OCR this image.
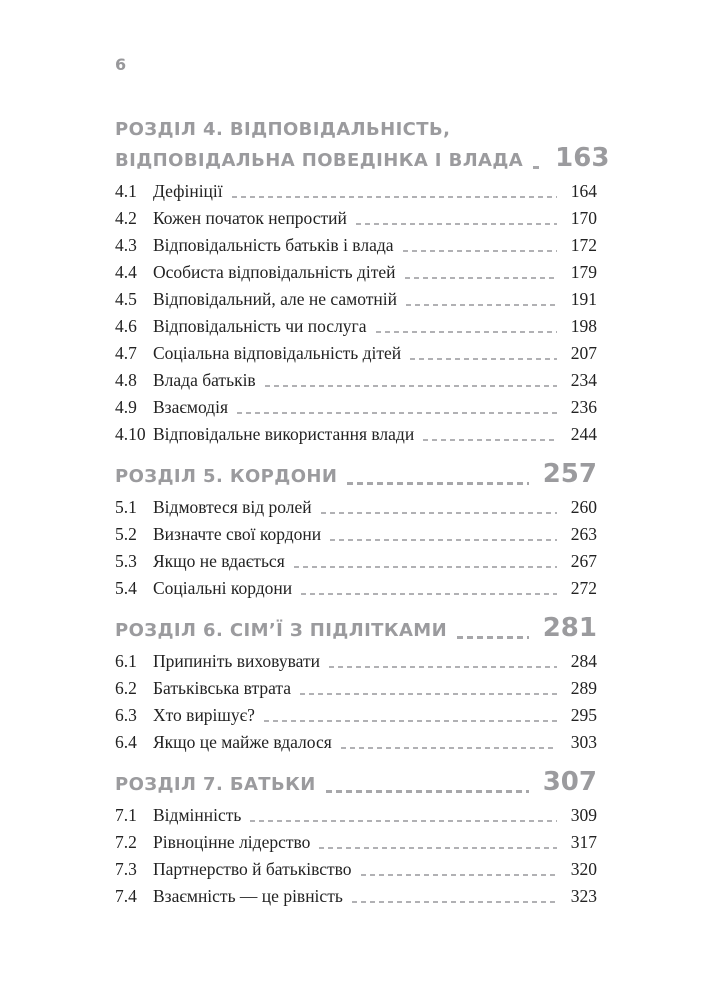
6
РОЗДІЛ 4. ВІДПОВІДАЛЬНІСТЬ,
ВІДПОВІДАЛЬНА ПОВЕДІНКА І ВЛАДА 163
4.1 Дефініції	164
4.2 Кожен початок непростий	170
4.3 Відповідальність батьків і влада	172
4.4 Особиста відповідальність дітей	179
4.5 Відповідальний, але не самотній	191
4.6 Відповідальність чи послуга	198
4.7 Соціальна відповідальність дітей	207
4.8 Влада батьків	234
4.9 Взаємодія	236
4.10 Відповідальне використання влади	244
РОЗДІЛ 5. КОРДОНИ	257
5.1 Відмовтеся від ролей	260
5.2 Визначте свої кордони	263
5.3 Якщо не вдається	267
5.4 Соціальні кордони	272
РОЗДІЛ 6. СІМ’Ї З ПІДЛІТКАМИ	281
6.1 Припиніть виховувати	284
6.2 Батьківська втрата	289
6.3 Хто вирішує?	295
6.4 Якщо це майже вдалося	303
РОЗДІЛ 7. БАТЬКИ	307
7.1 Відмінність	309
7.2 Рівноцінне лідерство	317
7.3 Партнерство й батьківство	320
7.4 Взаємність — це рівність	323
